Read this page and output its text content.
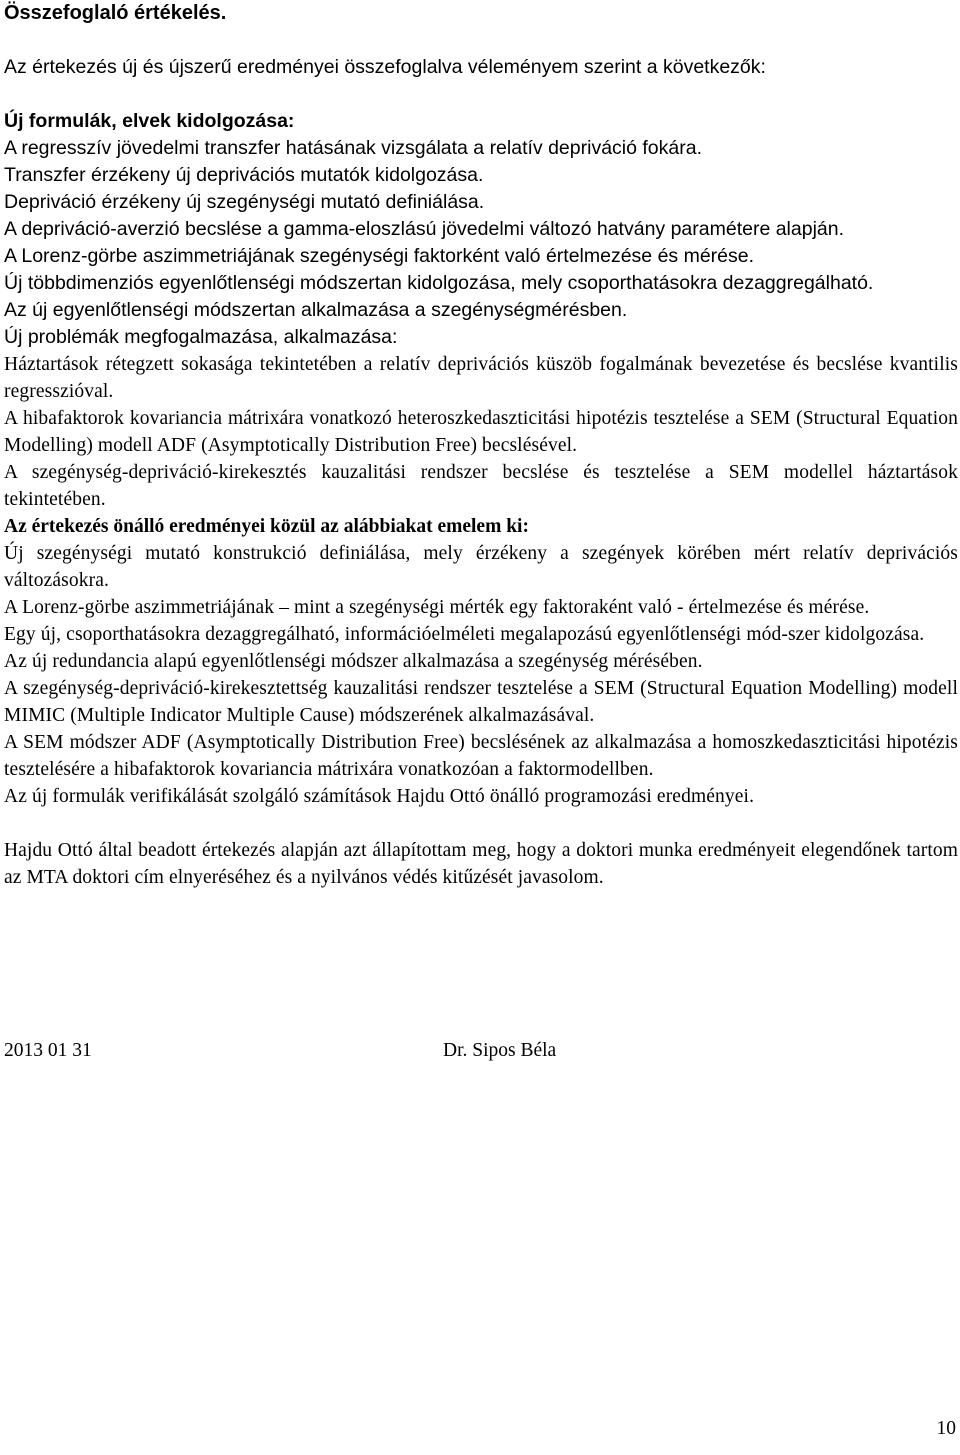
Összefoglaló értékelés.

Az értekezés új és újszerű eredményei összefoglalva véleményem szerint a következők:

Új formulák, elvek kidolgozása:

A regresszív jövedelmi transzfer hatásának vizsgálata a relatív depriváció fokára.

Transzfer érzékeny új deprivációs mutatók kidolgozása.

Depriváció érzékeny új szegénységi mutató definiálása.

A depriváció-averzió becslése a gamma-eloszlású jövedelmi változó hatvány paramétere alapján.

A Lorenz-görbe aszimmetriájának szegénységi faktorként való értelmezése és mérése.

Új többdimenziós egyenlőtlenségi módszertan kidolgozása, mely csoporthatásokra dezaggregálható.

Az új egyenlőtlenségi módszertan alkalmazása a szegénységmérésben.

Új problémák megfogalmazása, alkalmazása:

Háztartások rétegzett sokasága tekintetében a relatív deprivációs küszöb fogalmának bevezetése és becslése kvantilis regresszióval.

A hibafaktorok kovariancia mátrixára vonatkozó heteroszkedaszticitási hipotézis tesztelése a SEM (Structural Equation Modelling) modell ADF (Asymptotically Distribution Free) becslésével.

A szegénység-depriváció-kirekesztés kauzalitási rendszer becslése és tesztelése a SEM modellel háztartások tekintetében.

Az értekezés önálló eredményei közül az alábbiakat emelem ki:

Új szegénységi mutató konstrukció definiálása, mely érzékeny a szegények körében mért relatív deprivációs változásokra.

A Lorenz-görbe aszimmetriájának – mint a szegénységi mérték egy faktoraként való - értelmezése és mérése.

Egy új, csoporthatásokra dezaggregálható, információelméleti megalapozású egyenlőtlenségi mód-szer kidolgozása.

Az új redundancia alapú egyenlőtlenségi módszer alkalmazása a szegénység mérésében.

A szegénység-depriváció-kirekesztettség kauzalitási rendszer tesztelése a SEM (Structural Equation Modelling) modell MIMIC (Multiple Indicator Multiple Cause) módszerének alkalmazásával.

A SEM módszer ADF (Asymptotically Distribution Free) becslésének az alkalmazása a homoszkedaszticitási hipotézis tesztelésére a hibafaktorok kovariancia mátrixára vonatkozóan a faktormodellben.

Az új formulák verifikálását szolgáló számítások Hajdu Ottó önálló programozási eredményei.

Hajdu Ottó által beadott értekezés alapján azt állapítottam meg, hogy a doktori munka eredményeit elegendőnek tartom az MTA doktori cím elnyeréséhez és a nyilvános védés kitűzését javasolom.

2013 01 31	Dr. Sipos Béla
10
